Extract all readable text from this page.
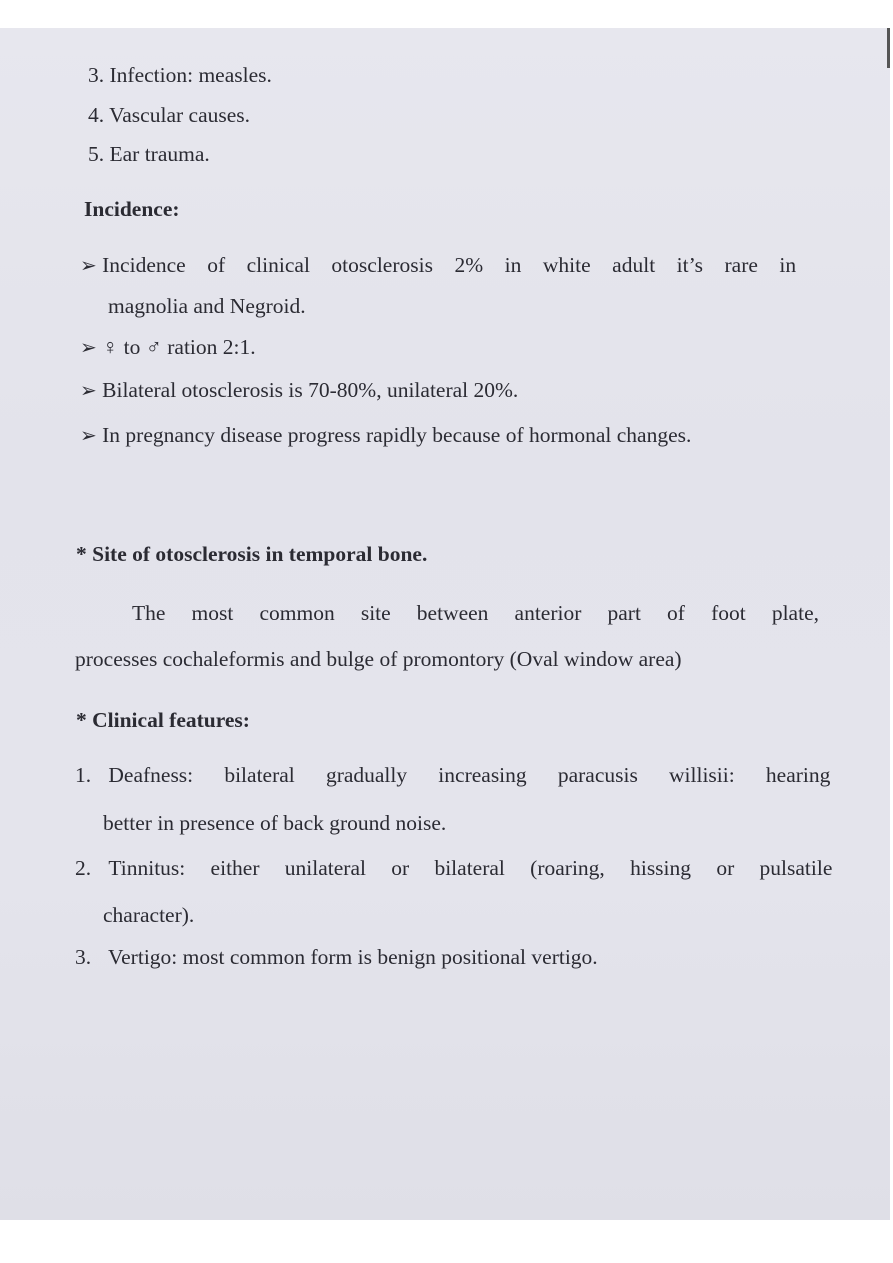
3. Infection: measles.
4. Vascular causes.
5. Ear trauma.
Incidence:
➢ Incidence of clinical otosclerosis 2% in white adult it’s rare in
magnolia and Negroid.
➢ ♀ to ♂ ration 2:1.
➢ Bilateral otosclerosis is 70-80%, unilateral 20%.
➢ In pregnancy disease progress rapidly because of hormonal changes.
* Site of otosclerosis in temporal bone.
The most common site between anterior part of foot plate,
processes cochaleformis and bulge of promontory (Oval window area)
* Clinical features:
1. Deafness: bilateral gradually increasing paracusis willisii: hearing
better in presence of back ground noise.
2. Tinnitus: either unilateral or bilateral (roaring, hissing or pulsatile
character).
3. Vertigo: most common form is benign positional vertigo.
